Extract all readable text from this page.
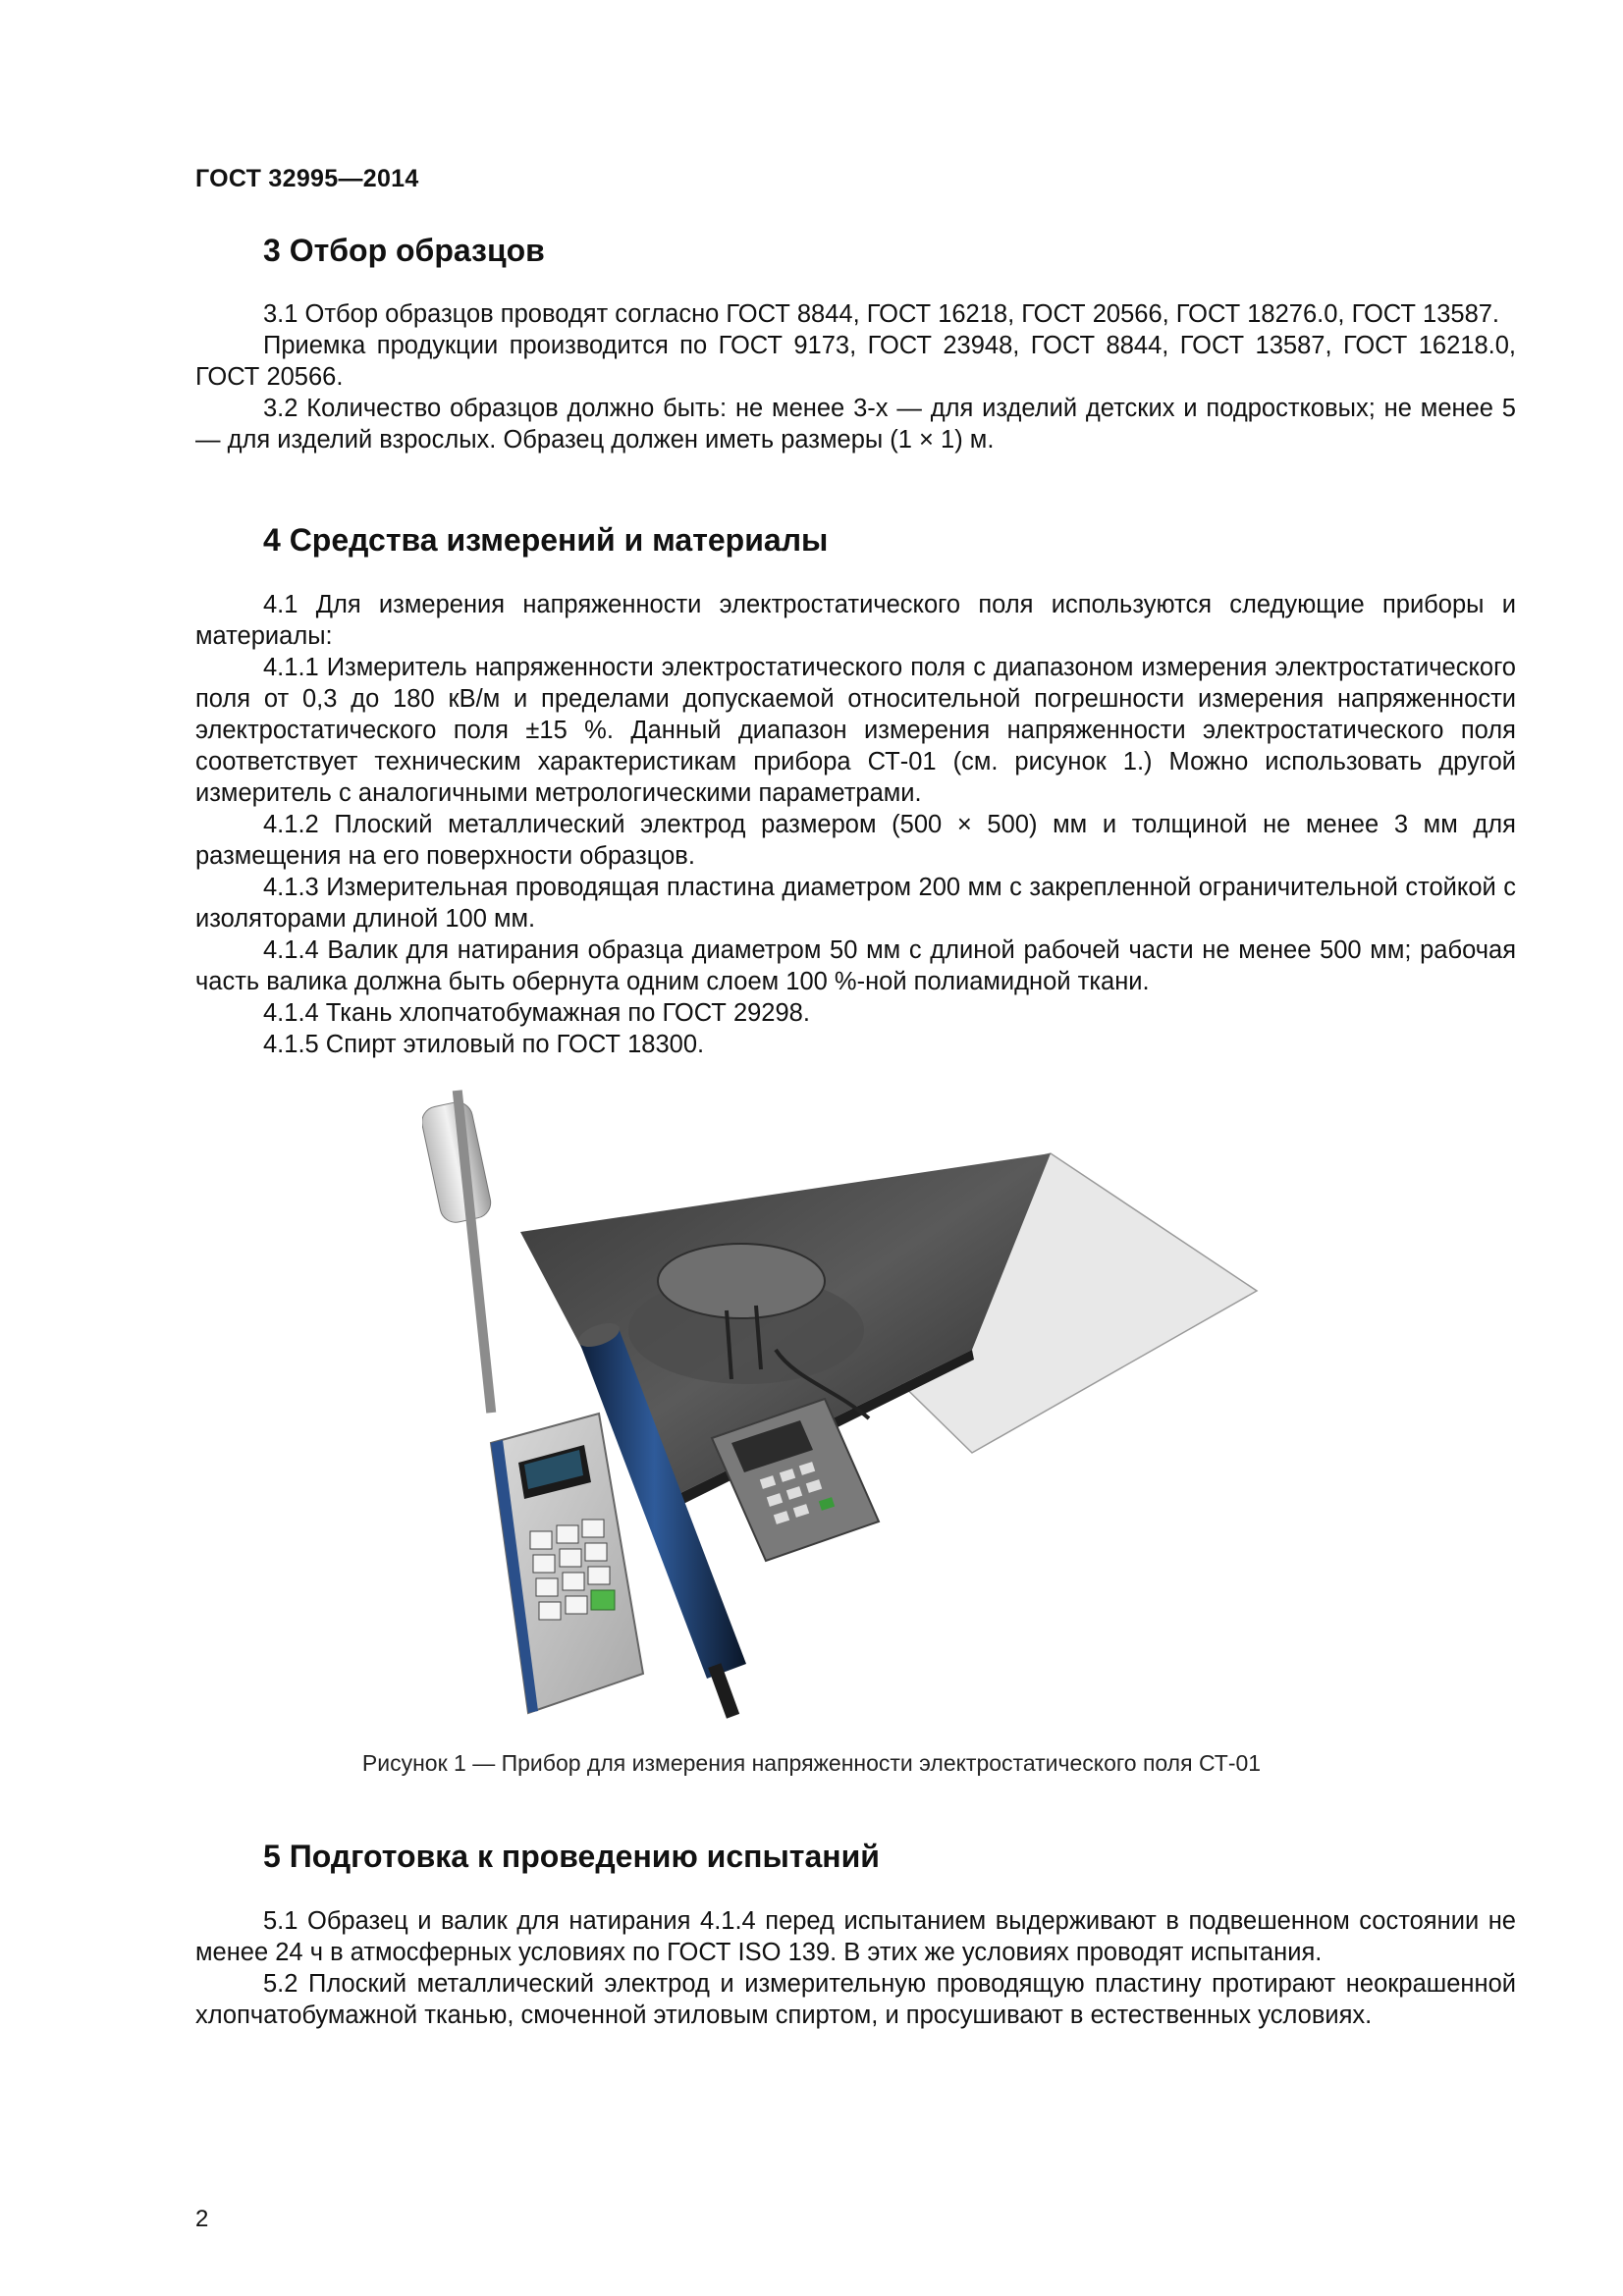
ГОСТ 32995—2014
3 Отбор образцов

3.1 Отбор образцов проводят согласно ГОСТ 8844, ГОСТ 16218, ГОСТ 20566, ГОСТ 18276.0, ГОСТ 13587.

Приемка продукции производится по ГОСТ 9173, ГОСТ 23948, ГОСТ 8844, ГОСТ 13587, ГОСТ 16218.0, ГОСТ 20566.

3.2 Количество образцов должно быть: не менее 3-х — для изделий детских и подростковых; не менее 5 — для изделий взрослых. Образец должен иметь размеры (1 × 1) м.

4 Средства измерений и материалы

4.1 Для измерения напряженности электростатического поля используются следующие приборы и материалы:

4.1.1 Измеритель напряженности электростатического поля с диапазоном измерения электростатического поля от 0,3 до 180 кВ/м и пределами допускаемой относительной погрешности измерения напряженности электростатического поля ±15 %. Данный диапазон измерения напряженности электростатического поля соответствует техническим характеристикам прибора СТ-01 (см. рисунок 1.) Можно использовать другой измеритель с аналогичными метрологическими параметрами.

4.1.2 Плоский металлический электрод размером (500 × 500) мм и толщиной не менее 3 мм для размещения на его поверхности образцов.

4.1.3 Измерительная проводящая пластина диаметром 200 мм с закрепленной ограничительной стойкой с изоляторами длиной 100 мм.

4.1.4 Валик для натирания образца диаметром 50 мм с длиной рабочей части не менее 500 мм; рабочая часть валика должна быть обернута одним слоем 100 %-ной полиамидной ткани.

4.1.4 Ткань хлопчатобумажная по ГОСТ 29298.

4.1.5 Спирт этиловый по ГОСТ 18300.

Рисунок 1 — Прибор для измерения напряженности электростатического поля СТ-01
5 Подготовка к проведению испытаний

5.1 Образец и валик для натирания 4.1.4 перед испытанием выдерживают в подвешенном состоянии не менее 24 ч в атмосферных условиях по ГОСТ ISO 139. В этих же условиях проводят испытания.

5.2 Плоский металлический электрод и измерительную проводящую пластину протирают неокрашенной хлопчатобумажной тканью, смоченной этиловым спиртом, и просушивают в естественных условиях.

2
